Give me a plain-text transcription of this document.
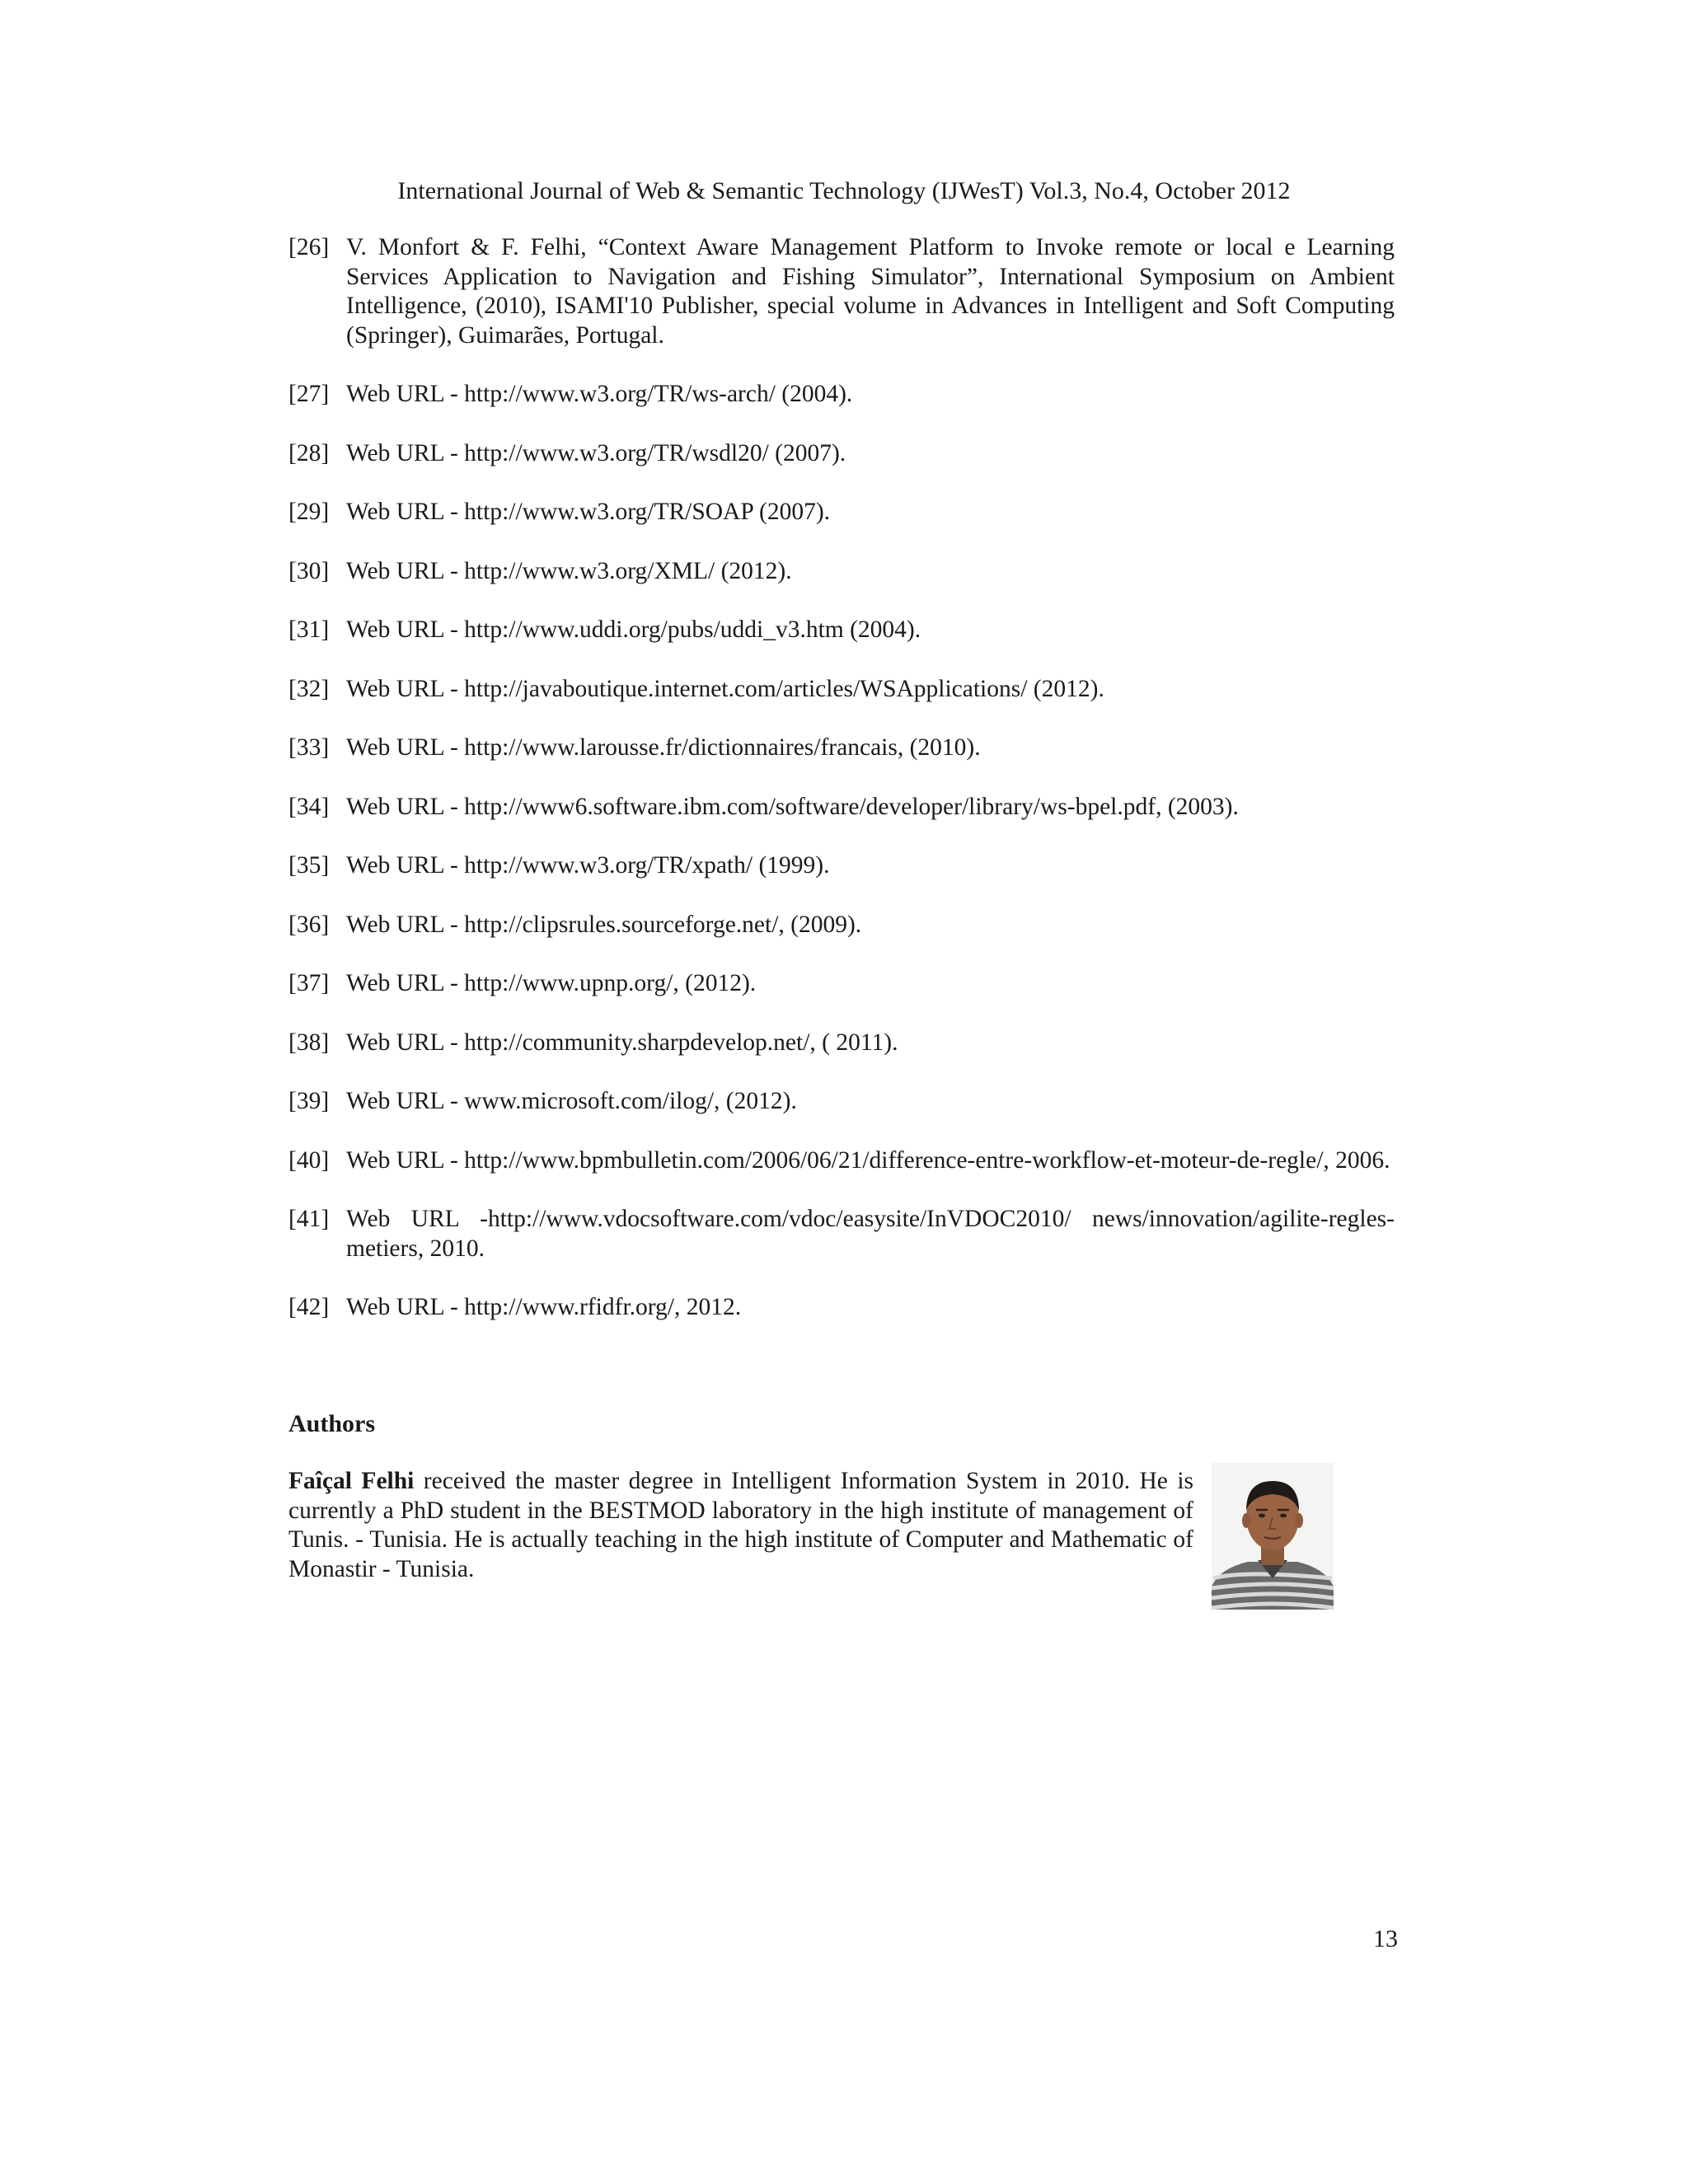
International Journal of Web & Semantic Technology (IJWesT) Vol.3, No.4, October 2012
[26] V. Monfort & F. Felhi, “Context Aware Management Platform to Invoke remote or local e Learning Services Application to Navigation and Fishing Simulator”, International Symposium on Ambient Intelligence, (2010), ISAMI'10 Publisher, special volume in Advances in Intelligent and Soft Computing (Springer), Guimarães, Portugal.
[27] Web URL - http://www.w3.org/TR/ws-arch/ (2004).
[28] Web URL - http://www.w3.org/TR/wsdl20/ (2007).
[29] Web URL - http://www.w3.org/TR/SOAP (2007).
[30] Web URL - http://www.w3.org/XML/ (2012).
[31] Web URL - http://www.uddi.org/pubs/uddi_v3.htm (2004).
[32] Web URL - http://javaboutique.internet.com/articles/WSApplications/ (2012).
[33] Web URL - http://www.larousse.fr/dictionnaires/francais, (2010).
[34] Web URL - http://www6.software.ibm.com/software/developer/library/ws-bpel.pdf, (2003).
[35] Web URL - http://www.w3.org/TR/xpath/ (1999).
[36] Web URL - http://clipsrules.sourceforge.net/, (2009).
[37] Web URL - http://www.upnp.org/, (2012).
[38] Web URL - http://community.sharpdevelop.net/, ( 2011).
[39] Web URL - www.microsoft.com/ilog/, (2012).
[40] Web URL - http://www.bpmbulletin.com/2006/06/21/difference-entre-workflow-et-moteur-de-regle/, 2006.
[41] Web URL -http://www.vdocsoftware.com/vdoc/easysite/InVDOC2010/ news/innovation/agilite-regles-metiers, 2010.
[42] Web URL - http://www.rfidfr.org/, 2012.
Authors
Faîçal Felhi received the master degree in Intelligent Information System in 2010. He is currently a PhD student in the BESTMOD laboratory in the high institute of management of Tunis. - Tunisia. He is actually teaching in the high institute of Computer and Mathematic of Monastir - Tunisia.
13
